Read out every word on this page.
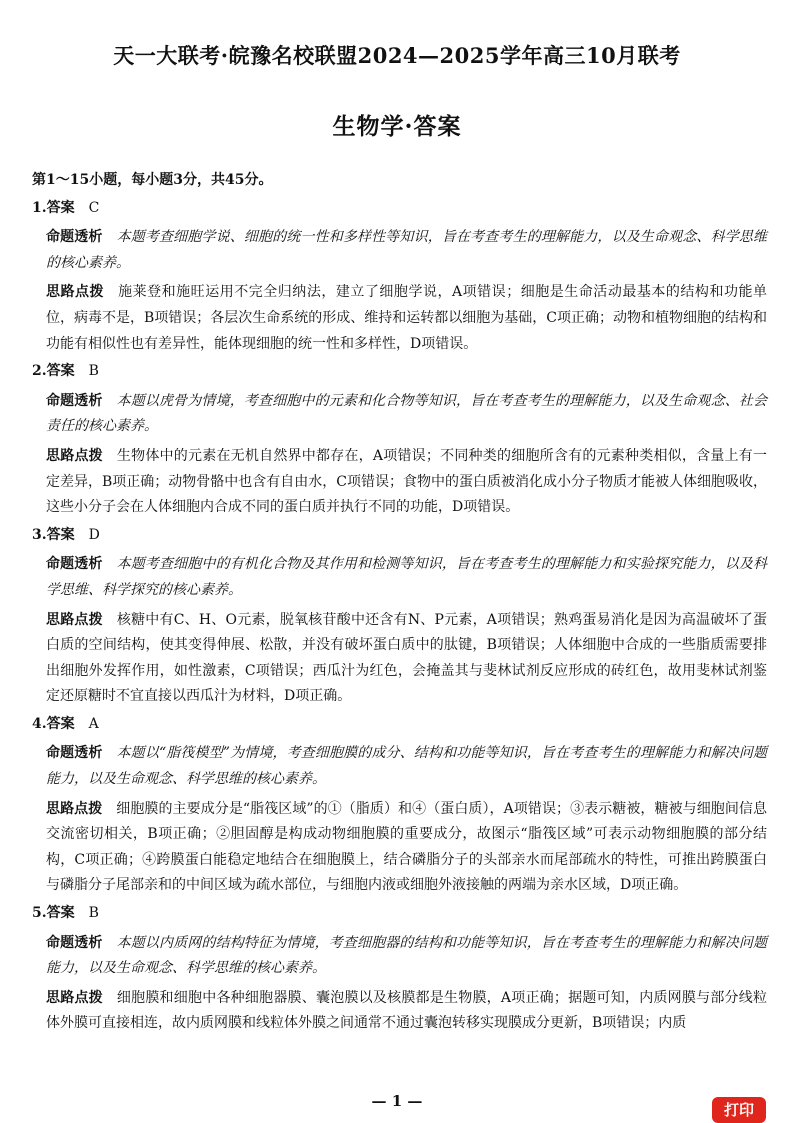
天一大联考·皖豫名校联盟2024—2025学年高三10月联考
生物学·答案
第1～15小题，每小题3分，共45分。
1.答案 C
命题透析 本题考查细胞学说、细胞的统一性和多样性等知识，旨在考查考生的理解能力，以及生命观念、科学思维的核心素养。
思路点拨 施莱登和施旺运用不完全归纳法，建立了细胞学说，A项错误；细胞是生命活动最基本的结构和功能单位，病毒不是，B项错误；各层次生命系统的形成、维持和运转都以细胞为基础，C项正确；动物和植物细胞的结构和功能有相似性也有差异性，能体现细胞的统一性和多样性，D项错误。
2.答案 B
命题透析 本题以虎骨为情境，考查细胞中的元素和化合物等知识，旨在考查考生的理解能力，以及生命观念、社会责任的核心素养。
思路点拨 生物体中的元素在无机自然界中都存在，A项错误；不同种类的细胞所含有的元素种类相似，含量上有一定差异，B项正确；动物骨骼中也含有自由水，C项错误；食物中的蛋白质被消化成小分子物质才能被人体细胞吸收，这些小分子会在人体细胞内合成不同的蛋白质并执行不同的功能，D项错误。
3.答案 D
命题透析 本题考查细胞中的有机化合物及其作用和检测等知识，旨在考查考生的理解能力和实验探究能力，以及科学思维、科学探究的核心素养。
思路点拨 核糖中有C、H、O元素，脱氧核苷酸中还含有N、P元素，A项错误；熟鸡蛋易消化是因为高温破坏了蛋白质的空间结构，使其变得伸展、松散，并没有破坏蛋白质中的肽键，B项错误；人体细胞中合成的一些脂质需要排出细胞外发挥作用，如性激素，C项错误；西瓜汁为红色，会掩盖其与斐林试剂反应形成的砖红色，故用斐林试剂鉴定还原糖时不宜直接以西瓜汁为材料，D项正确。
4.答案 A
命题透析 本题以“脂筏模型”为情境，考查细胞膜的成分、结构和功能等知识，旨在考查考生的理解能力和解决问题能力，以及生命观念、科学思维的核心素养。
思路点拨 细胞膜的主要成分是“脂筏区域”的①（脂质）和④（蛋白质），A项错误；③表示糖被，糖被与细胞间信息交流密切相关，B项正确；②胆固醇是构成动物细胞膜的重要成分，故图示“脂筏区域”可表示动物细胞膜的部分结构，C项正确；④跨膜蛋白能稳定地结合在细胞膜上，结合磷脂分子的头部亲水而尾部疏水的特性，可推出跨膜蛋白与磷脂分子尾部亲和的中间区域为疏水部位，与细胞内液或细胞外液接触的两端为亲水区域，D项正确。
5.答案 B
命题透析 本题以内质网的结构特征为情境，考查细胞器的结构和功能等知识，旨在考查考生的理解能力和解决问题能力，以及生命观念、科学思维的核心素养。
思路点拨 细胞膜和细胞中各种细胞器膜、囊泡膜以及核膜都是生物膜，A项正确；据题可知，内质网膜与部分线粒体外膜可直接相连，故内质网膜和线粒体外膜之间通常不通过囊泡转移实现膜成分更新，B项错误；内质
— 1 —	打印
